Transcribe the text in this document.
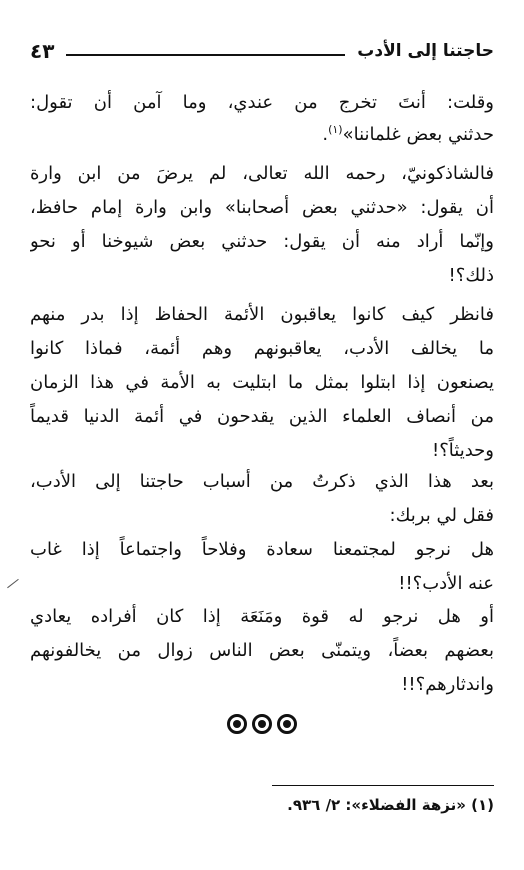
حاجتنا إلى الأدب
٤٣
وقلت: أنتَ تخرج من عندي، وما آمن أن تقول:
حدثني بعض غلماننا»$^{(١)}$.
فالشاذكونيّ، رحمه الله تعالى، لم يرضَ من ابن وارة
أن يقول: «حدثني بعض أصحابنا» وابن وارة إمام حافظ،
وإنّما أراد منه أن يقول: حدثني بعض شيوخنا أو نحو
ذلك؟!
فانظر كيف كانوا يعاقبون الأئمة الحفاظ إذا بدر منهم
ما يخالف الأدب، يعاقبونهم وهم أئمة، فماذا كانوا
يصنعون إذا ابتلوا بمثل ما ابتليت به الأمة في هذا الزمان
من أنصاف العلماء الذين يقدحون في أئمة الدنيا قديماً
وحديثاً؟!
بعد هذا الذي ذكرتُ من أسباب حاجتنا إلى الأدب،
فقل لي بربك:
هل نرجو لمجتمعنا سعادة وفلاحاً واجتماعاً إذا غاب
عنه الأدب؟!!
أو هل نرجو له قوة ومَنَعَة إذا كان أفراده يعادي
بعضهم بعضاً، ويتمنّى بعض الناس زوال من يخالفونهم
واندثارهم؟!!
(١) «نزهة الفضلاء»: ٢/ ٩٣٦.
